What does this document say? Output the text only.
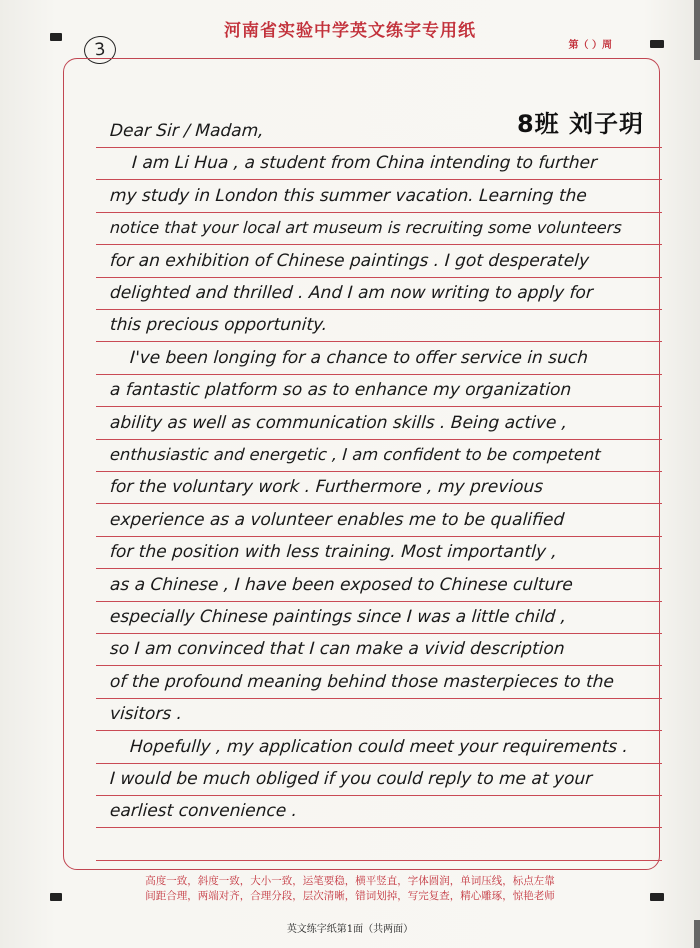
河南省实验中学英文练字专用纸
第（ ）周
3
8班 刘子玥
Dear Sir / Madam,
I am Li Hua , a student from China intending to further
my study in London this summer vacation. Learning the
notice that your local art museum is recruiting some volunteers
for an exhibition of Chinese paintings . I got desperately
delighted and thrilled . And I am now writing to apply for
this precious opportunity.
I've been longing for a chance to offer service in such
a fantastic platform so as to enhance my organization
ability as well as communication skills . Being active ,
enthusiastic and energetic , I am confident to be competent
for the voluntary work . Furthermore , my previous
experience as a volunteer enables me to be qualified
for the position with less training. Most importantly ,
as a Chinese , I have been exposed to Chinese culture
especially Chinese paintings since I was a little child ,
so I am convinced that I can make a vivid description
of the profound meaning behind those masterpieces to the
visitors .
Hopefully , my application could meet your requirements .
I would be much obliged if you could reply to me at your
earliest convenience .
高度一致，斜度一致，大小一致，运笔要稳，横平竖直，字体圆润，单词压线，标点左靠
间距合理，两端对齐，合理分段，层次清晰，错词划掉，写完复查，精心雕琢，惊艳老师
英文练字纸第1面（共两面）
